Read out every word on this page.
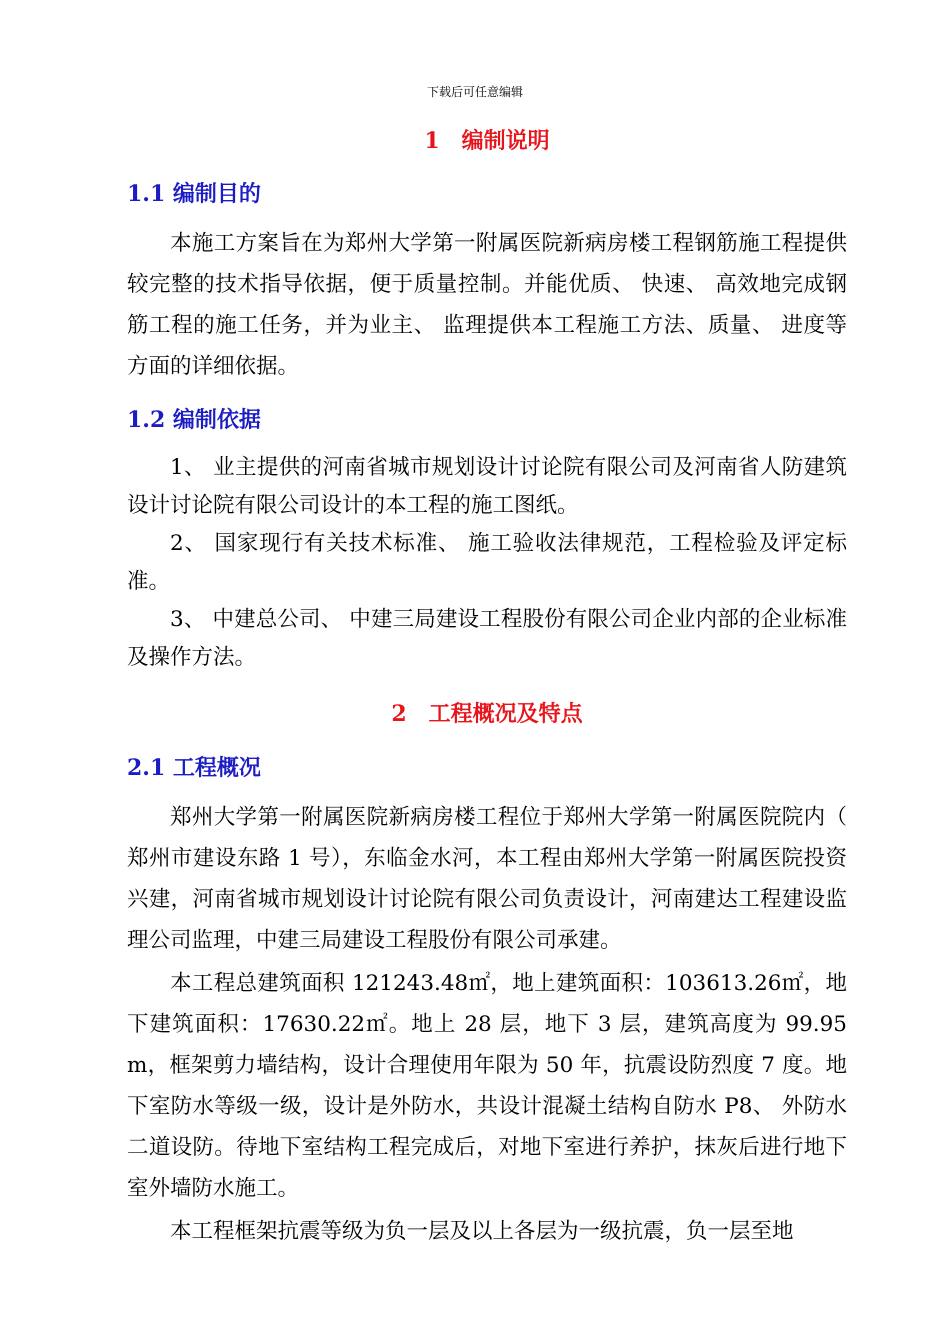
下载后可任意编辑
1　编制说明
1.1 编制目的

本施工方案旨在为郑州大学第一附属医院新病房楼工程钢筋施工程提供较完整的技术指导依据，便于质量控制。并能优质、 快速、 高效地完成钢筋工程的施工任务，并为业主、 监理提供本工程施工方法、质量、 进度等方面的详细依据。

1.2 编制依据

1、 业主提供的河南省城市规划设计讨论院有限公司及河南省人防建筑设计讨论院有限公司设计的本工程的施工图纸。

2、 国家现行有关技术标准、 施工验收法律规范，工程检验及评定标准。

3、 中建总公司、 中建三局建设工程股份有限公司企业内部的企业标准及操作方法。

2　工程概况及特点
2.1 工程概况

郑州大学第一附属医院新病房楼工程位于郑州大学第一附属医院院内（ 郑州市建设东路 1 号），东临金水河，本工程由郑州大学第一附属医院投资兴建，河南省城市规划设计讨论院有限公司负责设计，河南建达工程建设监理公司监理，中建三局建设工程股份有限公司承建。

本工程总建筑面积 121243.48㎡，地上建筑面积：103613.26㎡，地下建筑面积：17630.22㎡。地上 28 层，地下 3 层，建筑高度为 99.95m，框架剪力墙结构，设计合理使用年限为 50 年，抗震设防烈度 7 度。地下室防水等级一级，设计是外防水，共设计混凝土结构自防水 P8、 外防水二道设防。待地下室结构工程完成后，对地下室进行养护，抹灰后进行地下室外墙防水施工。

本工程框架抗震等级为负一层及以上各层为一级抗震，负一层至地
